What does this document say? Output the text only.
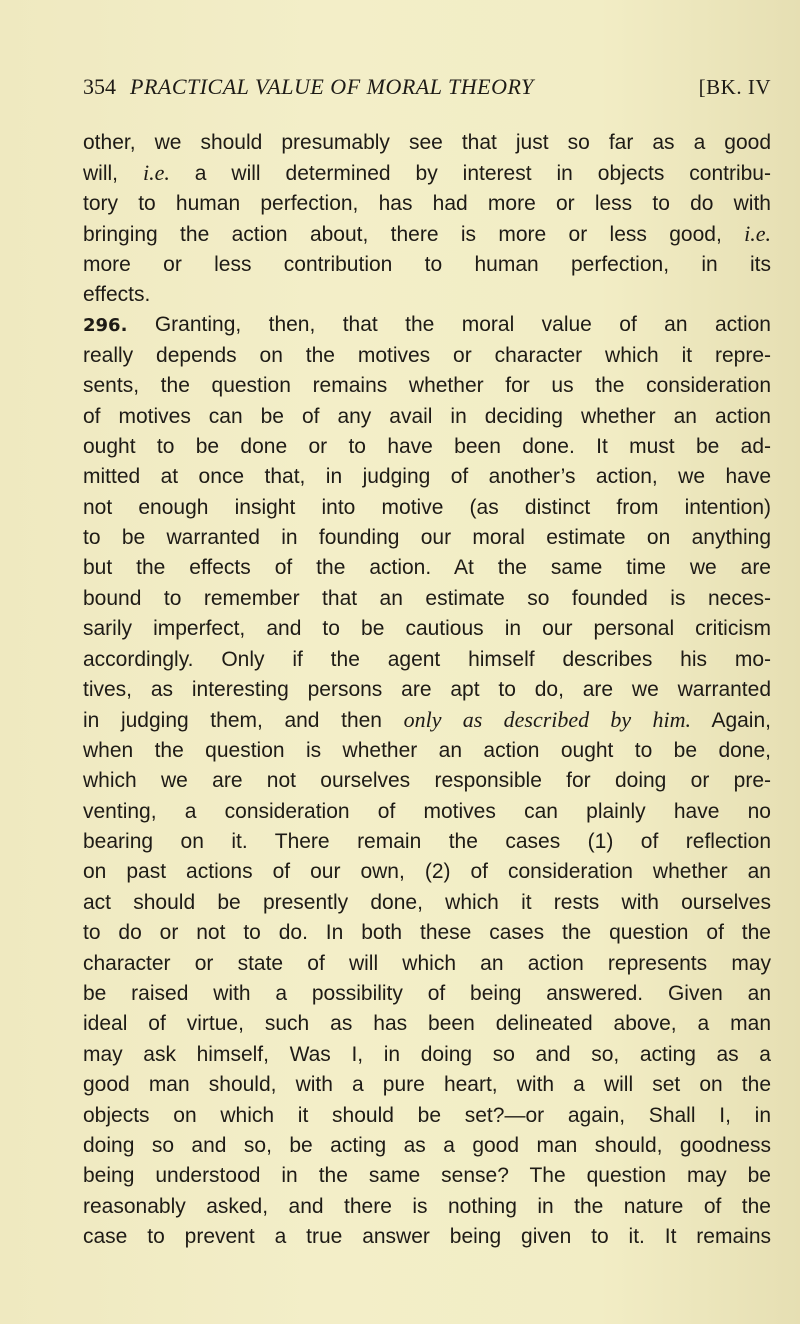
354 PRACTICAL VALUE OF MORAL THEORY	[BK. IV
other, we should presumably see that just so far as a good
will, i.e. a will determined by interest in objects contribu-
tory to human perfection, has had more or less to do with
bringing the action about, there is more or less good, i.e.
more or less contribution to human perfection, in its
effects.
296. Granting, then, that the moral value of an action
really depends on the motives or character which it repre-
sents, the question remains whether for us the consideration
of motives can be of any avail in deciding whether an action
ought to be done or to have been done. It must be ad-
mitted at once that, in judging of another’s action, we have
not enough insight into motive (as distinct from intention)
to be warranted in founding our moral estimate on anything
but the effects of the action. At the same time we are
bound to remember that an estimate so founded is neces-
sarily imperfect, and to be cautious in our personal criticism
accordingly. Only if the agent himself describes his mo-
tives, as interesting persons are apt to do, are we warranted
in judging them, and then only as described by him. Again,
when the question is whether an action ought to be done,
which we are not ourselves responsible for doing or pre-
venting, a consideration of motives can plainly have no
bearing on it. There remain the cases (1) of reflection
on past actions of our own, (2) of consideration whether an
act should be presently done, which it rests with ourselves
to do or not to do. In both these cases the question of the
character or state of will which an action represents may
be raised with a possibility of being answered. Given an
ideal of virtue, such as has been delineated above, a man
may ask himself, Was I, in doing so and so, acting as a
good man should, with a pure heart, with a will set on the
objects on which it should be set?—or again, Shall I, in
doing so and so, be acting as a good man should, goodness
being understood in the same sense? The question may be
reasonably asked, and there is nothing in the nature of the
case to prevent a true answer being given to it. It remains
